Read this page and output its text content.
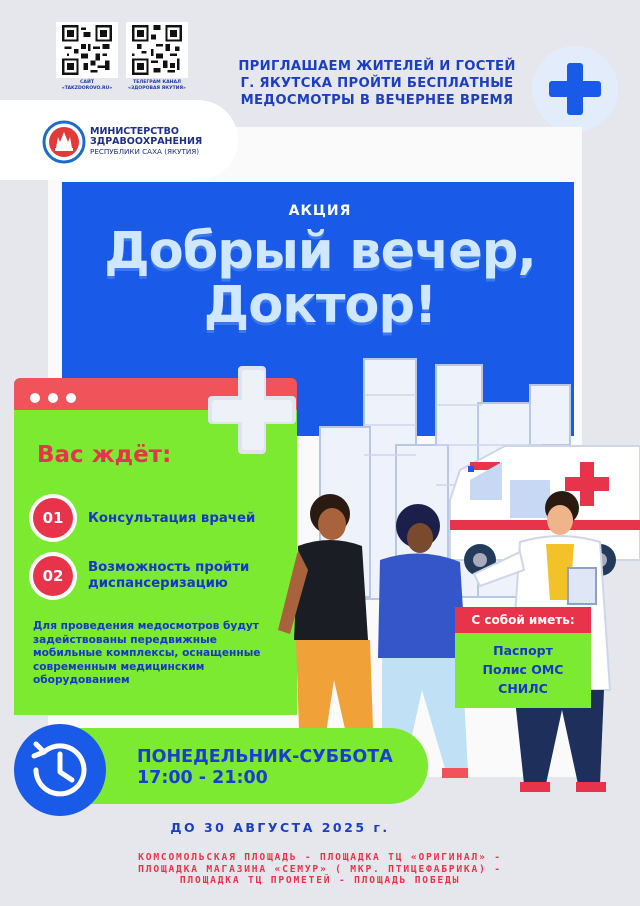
САЙТ
«TAKZDOROVO.RU»
ТЕЛЕГРАМ КАНАЛ
«ЗДОРОВАЯ ЯКУТИЯ»
ПРИГЛАШАЕМ ЖИТЕЛЕЙ И ГОСТЕЙ
Г. ЯКУТСКА ПРОЙТИ БЕСПЛАТНЫЕ
МЕДОСМОТРЫ В ВЕЧЕРНЕЕ ВРЕМЯ
МИНИСТЕРСТВО
ЗДРАВООХРАНЕНИЯ
РЕСПУБЛИКИ САХА (ЯКУТИЯ)
АКЦИЯ
Добрый вечер,
Доктор!
Вас ждёт:
01	Консультация врачей
02	Возможность пройти
диспансеризацию
Для проведения медосмотров будут
задействованы передвижные
мобильные комплексы, оснащенные
современным медицинским
оборудованием
С собой иметь:
Паспорт
Полис ОМС
СНИЛС
ПОНЕДЕЛЬНИК-СУББОТА
17:00 - 21:00
ДО 30 АВГУСТА 2025 г.
КОМСОМОЛЬСКАЯ ПЛОЩАДЬ - ПЛОЩАДКА ТЦ «ОРИГИНАЛ» -
ПЛОЩАДКА МАГАЗИНА «СЕМУР» ( МКР. ПТИЦЕФАБРИКА) -
ПЛОЩАДКА ТЦ ПРОМЕТЕЙ - ПЛОЩАДЬ ПОБЕДЫ
